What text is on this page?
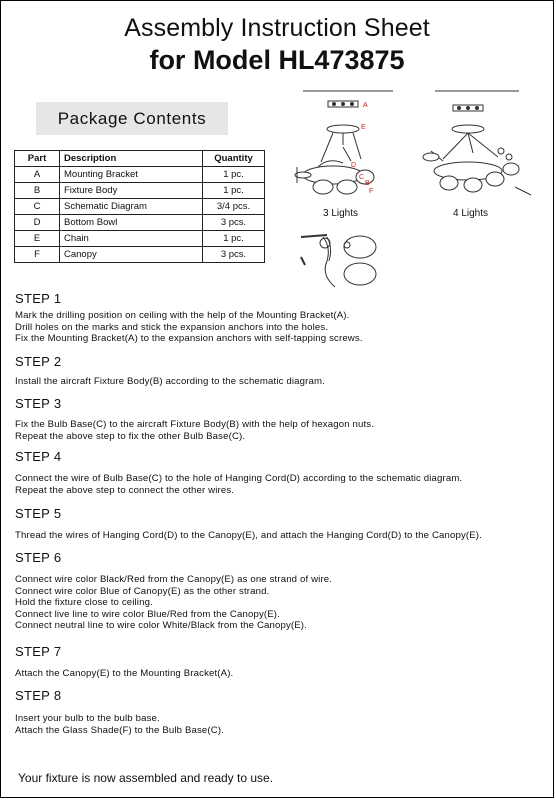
Assembly Instruction Sheet
for Model HL473875
Package Contents
Part	Description	Quantity
A	Mounting Bracket	1 pc.
B	Fixture Body	1 pc.
C	Schematic Diagram	3/4 pcs.
D	Bottom Bowl	3 pcs.
E	Chain	1 pc.
F	Canopy	3 pcs.
A
E
D
C
B
F
3 Lights	4 Lights
STEP 1
Mark the drilling position on ceiling with the help of the Mounting Bracket(A).
Drill holes on the marks and stick the expansion anchors into the holes.
Fix the Mounting Bracket(A) to the expansion anchors with self-tapping screws.
STEP 2
Install the aircraft Fixture Body(B) according to the schematic diagram.
STEP 3
Fix the Bulb Base(C) to the aircraft Fixture Body(B) with the help of hexagon nuts.
Repeat the above step to fix the other Bulb Base(C).
STEP 4
Connect the wire of Bulb Base(C) to the hole of Hanging Cord(D) according to the schematic diagram.
Repeat the above step to connect the other wires.
STEP 5
Thread the wires of Hanging Cord(D) to the Canopy(E), and attach the Hanging Cord(D) to the Canopy(E).
STEP 6
Connect wire color Black/Red from the Canopy(E) as one strand of wire.
Connect wire color Blue of Canopy(E) as the other strand.
Hold the fixture close to ceiling.
Connect live line to wire color Blue/Red from the Canopy(E).
Connect neutral line to wire color White/Black from the Canopy(E).
STEP 7
Attach the Canopy(E) to the Mounting Bracket(A).
STEP 8
Insert your bulb to the bulb base.
Attach the Glass Shade(F) to the Bulb Base(C).
Your fixture is now assembled and ready to use.
